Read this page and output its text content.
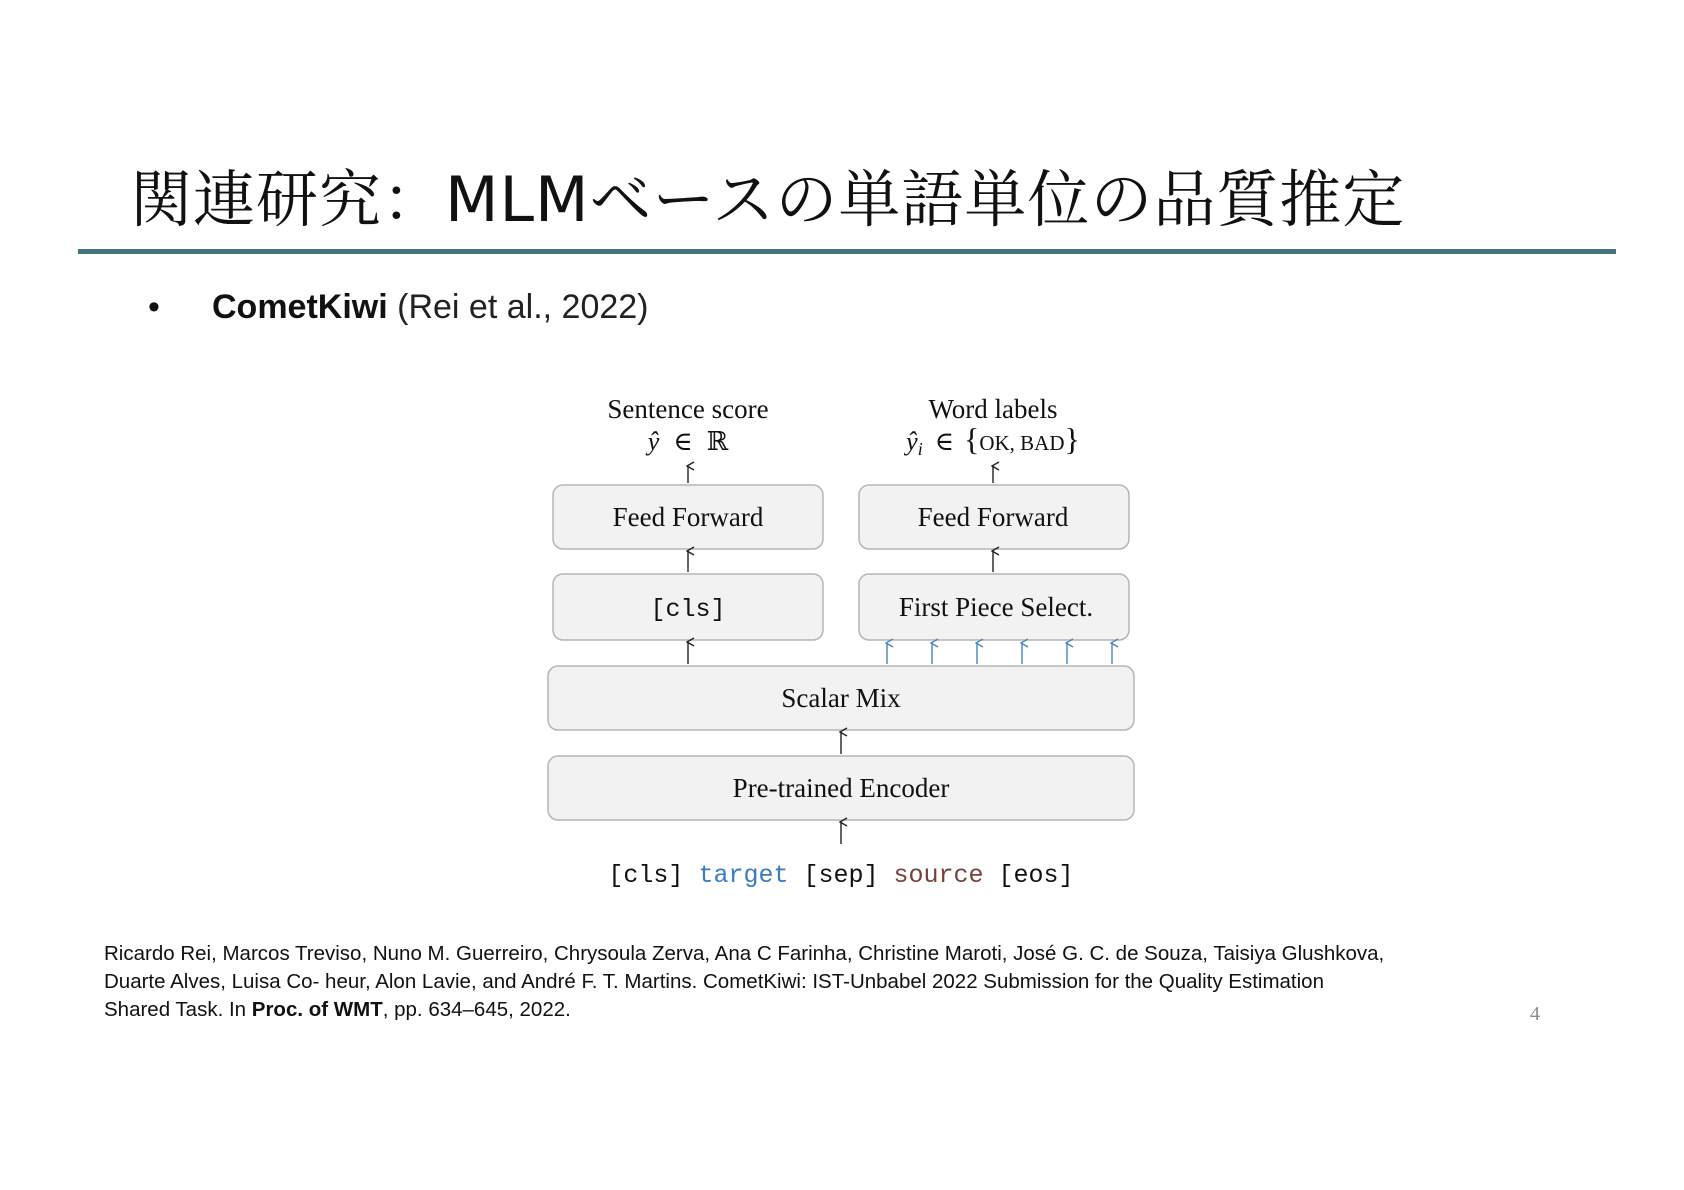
関連研究：MLMベースの単語単位の品質推定
• CometKiwi (Rei et al., 2022)
Sentence score
ŷ ∈ ℝ
Word labels
ŷi ∈ {OK, BAD}
Feed Forward	Feed Forward
[cls]	First Piece Select.
Scalar Mix
Pre-trained Encoder
[cls] target [sep] source [eos]
Ricardo Rei, Marcos Treviso, Nuno M. Guerreiro, Chrysoula Zerva, Ana C Farinha, Christine Maroti, José G. C. de Souza, Taisiya Glushkova,
Duarte Alves, Luisa Co- heur, Alon Lavie, and André F. T. Martins. CometKiwi: IST-Unbabel 2022 Submission for the Quality Estimation
Shared Task. In Proc. of WMT, pp. 634–645, 2022.	4
